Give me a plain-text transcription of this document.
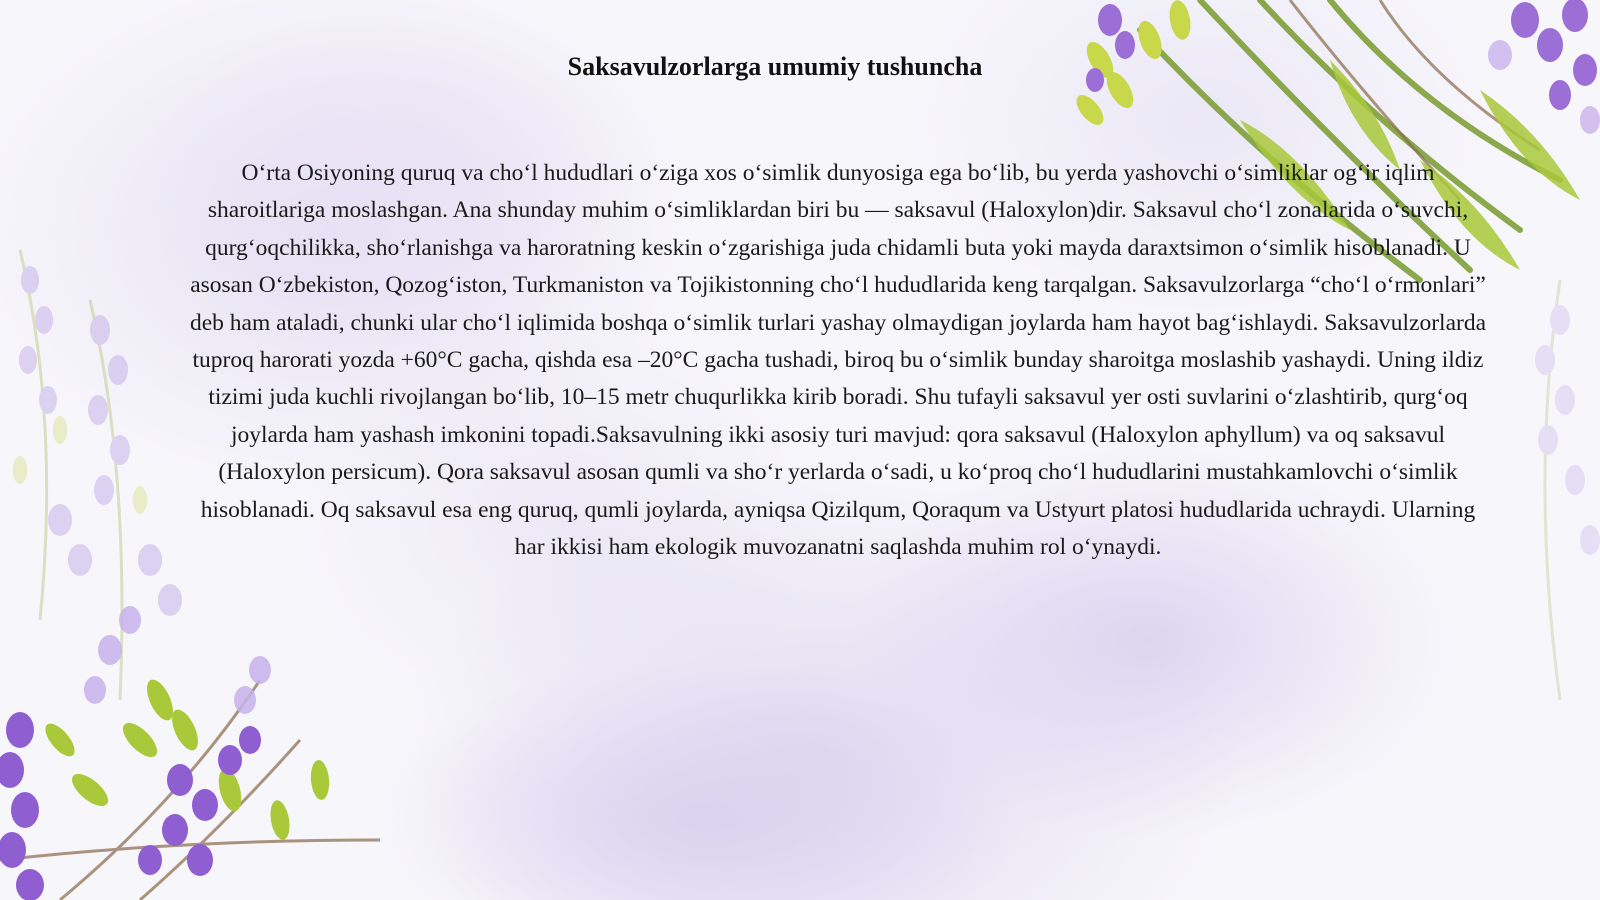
Saksavulzorlarga umumiy tushuncha

O‘rta Osiyoning quruq va cho‘l hududlari o‘ziga xos o‘simlik dunyosiga ega bo‘lib, bu yerda yashovchi o‘simliklar og‘ir iqlim sharoitlariga moslashgan. Ana shunday muhim o‘simliklardan biri bu — saksavul (Haloxylon)dir. Saksavul cho‘l zonalarida o‘suvchi, qurg‘oqchilikka, sho‘rlanishga va haroratning keskin o‘zgarishiga juda chidamli buta yoki mayda daraxtsimon o‘simlik hisoblanadi. U asosan O‘zbekiston, Qozog‘iston, Turkmaniston va Tojikistonning cho‘l hududlarida keng tarqalgan. Saksavulzorlarga “cho‘l o‘rmonlari” deb ham ataladi, chunki ular cho‘l iqlimida boshqa o‘simlik turlari yashay olmaydigan joylarda ham hayot bag‘ishlaydi. Saksavulzorlarda tuproq harorati yozda +60°C gacha, qishda esa –20°C gacha tushadi, biroq bu o‘simlik bunday sharoitga moslashib yashaydi. Uning ildiz tizimi juda kuchli rivojlangan bo‘lib, 10–15 metr chuqurlikka kirib boradi. Shu tufayli saksavul yer osti suvlarini o‘zlashtirib, qurg‘oq joylarda ham yashash imkonini topadi.Saksavulning ikki asosiy turi mavjud: qora saksavul (Haloxylon aphyllum) va oq saksavul (Haloxylon persicum). Qora saksavul asosan qumli va sho‘r yerlarda o‘sadi, u ko‘proq cho‘l hududlarini mustahkamlovchi o‘simlik hisoblanadi. Oq saksavul esa eng quruq, qumli joylarda, ayniqsa Qizilqum, Qoraqum va Ustyurt platosi hududlarida uchraydi. Ularning har ikkisi ham ekologik muvozanatni saqlashda muhim rol o‘ynaydi.
